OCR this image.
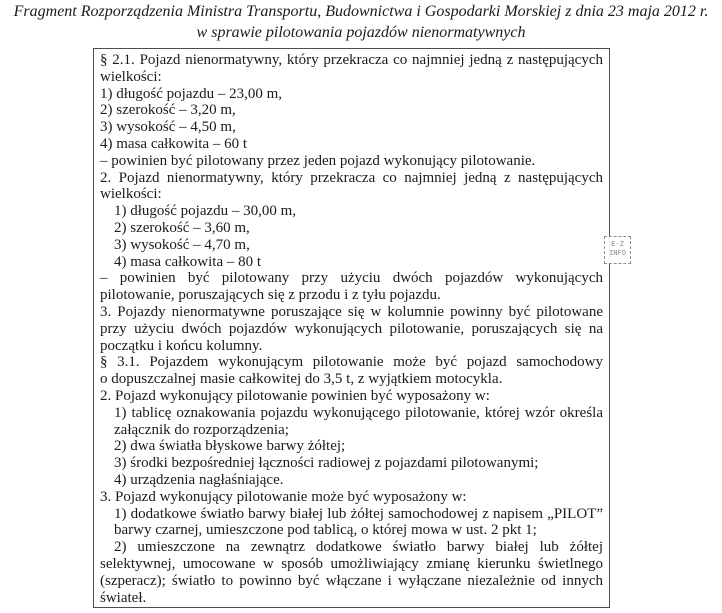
Fragment Rozporządzenia Ministra Transportu, Budownictwa i Gospodarki Morskiej z dnia 23 maja 2012 r.
w sprawie pilotowania pojazdów nienormatywnych
§ 2.1. Pojazd nienormatywny, który przekracza co najmniej jedną z następujących
wielkości:
1) długość pojazdu – 23,00 m,
2) szerokość – 3,20 m,
3) wysokość – 4,50 m,
4) masa całkowita – 60 t
– powinien być pilotowany przez jeden pojazd wykonujący pilotowanie.
2. Pojazd nienormatywny, który przekracza co najmniej jedną z następujących
wielkości:
1) długość pojazdu – 30,00 m,
2) szerokość – 3,60 m,
3) wysokość – 4,70 m,
4) masa całkowita – 80 t
– powinien być pilotowany przy użyciu dwóch pojazdów wykonujących
pilotowanie, poruszających się z przodu i z tyłu pojazdu.
3. Pojazdy nienormatywne poruszające się w kolumnie powinny być pilotowane
przy użyciu dwóch pojazdów wykonujących pilotowanie, poruszających się na
początku i końcu kolumny.
§ 3.1. Pojazdem wykonującym pilotowanie może być pojazd samochodowy
o dopuszczalnej masie całkowitej do 3,5 t, z wyjątkiem motocykla.
2. Pojazd wykonujący pilotowanie powinien być wyposażony w:
1) tablicę oznakowania pojazdu wykonującego pilotowanie, której wzór określa
załącznik do rozporządzenia;
2) dwa światła błyskowe barwy żółtej;
3) środki bezpośredniej łączności radiowej z pojazdami pilotowanymi;
4) urządzenia nagłaśniające.
3. Pojazd wykonujący pilotowanie może być wyposażony w:
1) dodatkowe światło barwy białej lub żółtej samochodowej z napisem „PILOT”
barwy czarnej, umieszczone pod tablicą, o której mowa w ust. 2 pkt 1;
2) umieszczone na zewnątrz dodatkowe światło barwy białej lub żółtej
selektywnej, umocowane w sposób umożliwiający zmianę kierunku świetlnego
(szperacz); światło to powinno być włączane i wyłączane niezależnie od innych
świateł.
E-Z
INFO
